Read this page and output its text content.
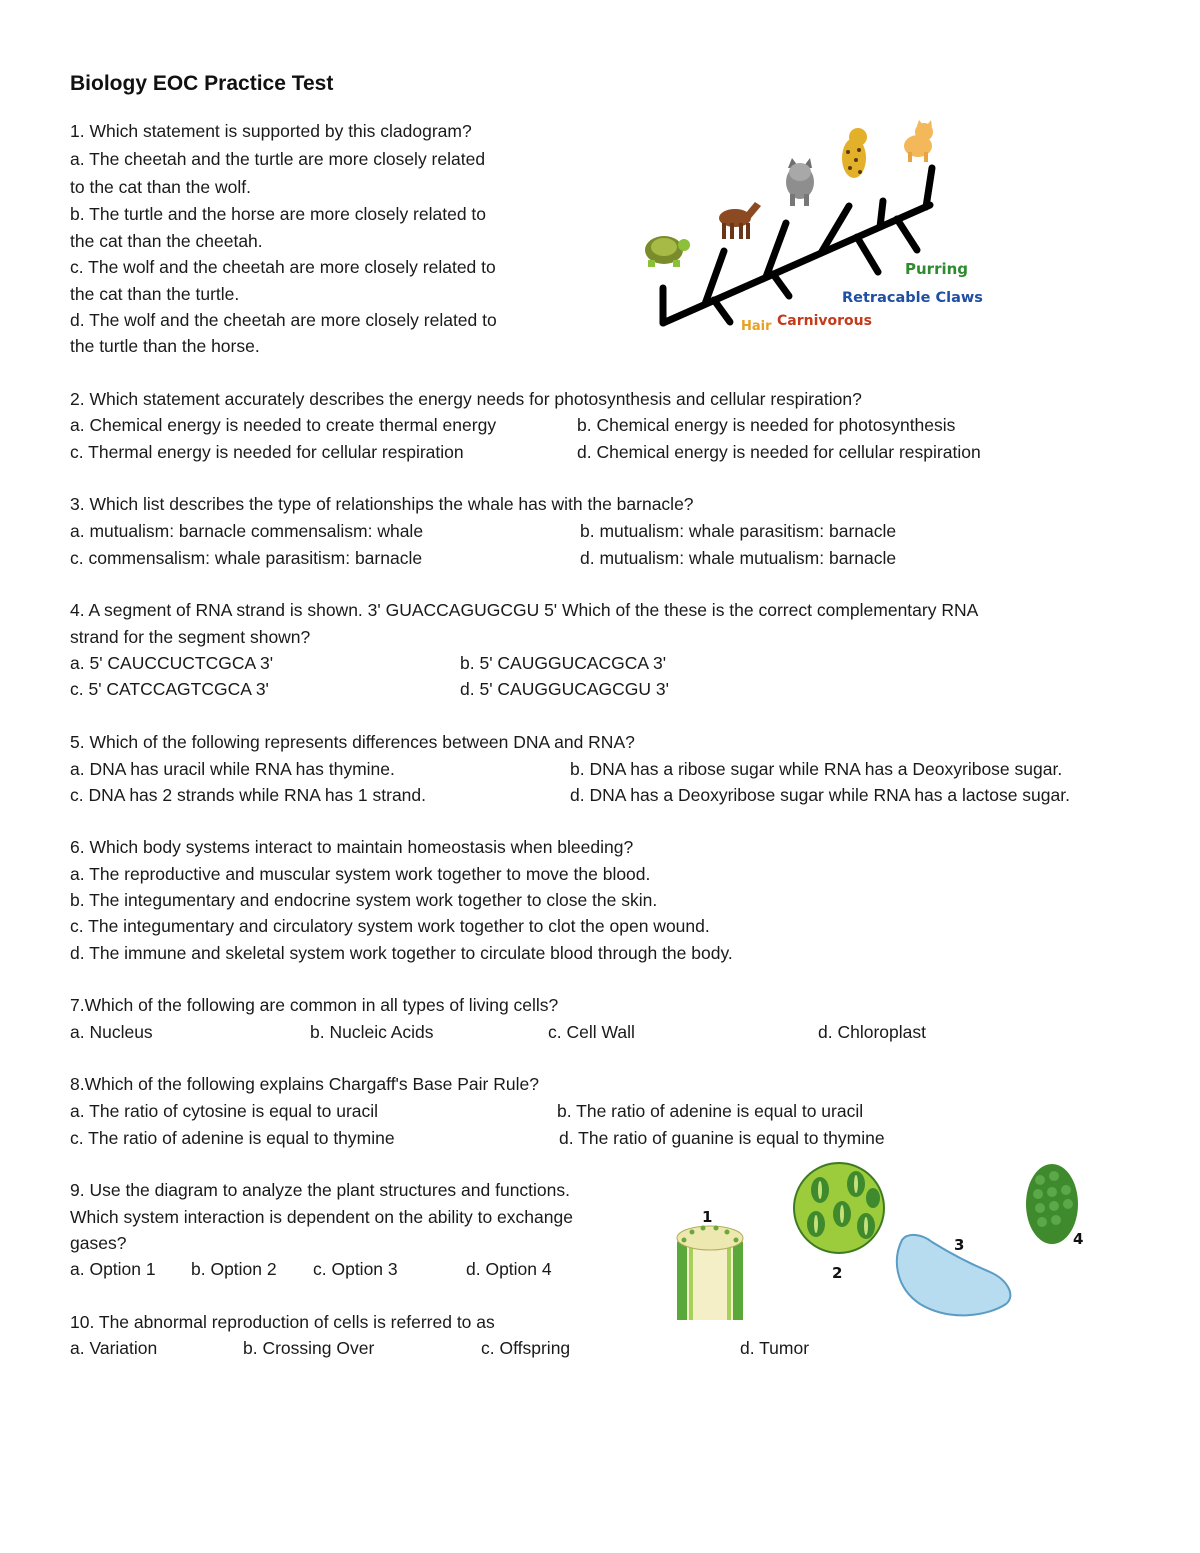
Biology EOC Practice Test
1. Which statement is supported by this cladogram?
a. The cheetah and the turtle are more closely related
to the cat than the wolf.
b. The turtle and the horse are more closely related to
the cat than the cheetah.
c. The wolf and the cheetah are more closely related to
the cat than the turtle.
d. The wolf and the cheetah are more closely related to
the turtle than the horse.
Hair Carnivorous
Retracable Claws
Purring
2. Which statement accurately describes the energy needs for photosynthesis and cellular respiration?
a. Chemical energy is needed to create thermal energy	b. Chemical energy is needed for photosynthesis
c. Thermal energy is needed for cellular respiration	d. Chemical energy is needed for cellular respiration
3. Which list describes the type of relationships the whale has with the barnacle?
a. mutualism: barnacle commensalism: whale	b. mutualism: whale parasitism: barnacle
c. commensalism: whale parasitism: barnacle	d. mutualism: whale mutualism: barnacle
4. A segment of RNA strand is shown. 3' GUACCAGUGCGU 5' Which of the these is the correct complementary RNA
strand for the segment shown?
a. 5' CAUCCUCTCGCA 3'	b. 5' CAUGGUCACGCA 3'
c. 5' CATCCAGTCGCA 3'	d. 5' CAUGGUCAGCGU 3'
5. Which of the following represents differences between DNA and RNA?
a. DNA has uracil while RNA has thymine.	b. DNA has a ribose sugar while RNA has a Deoxyribose sugar.
c. DNA has 2 strands while RNA has 1 strand.	d. DNA has a Deoxyribose sugar while RNA has a lactose sugar.
6. Which body systems interact to maintain homeostasis when bleeding?
a. The reproductive and muscular system work together to move the blood.
b. The integumentary and endocrine system work together to close the skin.
c. The integumentary and circulatory system work together to clot the open wound.
d. The immune and skeletal system work together to circulate blood through the body.
7.Which of the following are common in all types of living cells?
a. Nucleus	b. Nucleic Acids	c. Cell Wall	d. Chloroplast
8.Which of the following explains Chargaff's Base Pair Rule?
a. The ratio of cytosine is equal to uracil	b. The ratio of adenine is equal to uracil
c. The ratio of adenine is equal to thymine	d. The ratio of guanine is equal to thymine
9. Use the diagram to analyze the plant structures and functions.
Which system interaction is dependent on the ability to exchange
gases?
a. Option 1 b. Option 2 c. Option 3	d. Option 4
1
2
3	4
10. The abnormal reproduction of cells is referred to as
a. Variation	b. Crossing Over	c. Offspring	d. Tumor
